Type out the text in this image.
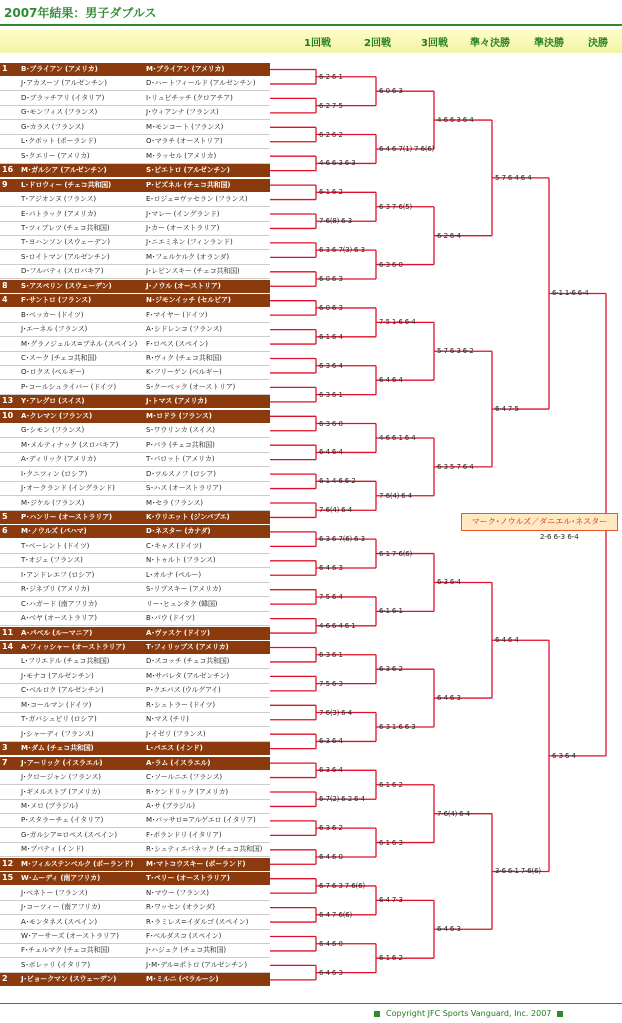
2007年結果：男子ダブルス
1回戦	2回戦	3回戦 準々決勝 準決勝 決勝
1	B･ブライアン (アメリカ)	M･ブライアン (アメリカ)
J･アカスーソ (アルゼンチン)	D･ハートフィールド (アルゼンチン)
D･ブラッチアリ (イタリア)	I･リュビチッチ (クロアチア)
G･モンフィス (フランス)	J･ウィアンナ (フランス)
G･カラス (フランス)	M･モンコート (フランス)
L･クボット (ポーランド)	O･マラチ (オーストリア)
S･クエリー (アメリカ)	M･ラッセル (アメリカ)
16 M･ガルシア (アルゼンチン)	S･ピエトロ (アルゼンチン)
9	L･ドロウィー (チェコ共和国)	P･ビズネル (チェコ共和国)
T･アジオンヌ (フランス)	E･ロジェ=ヴァセラン (フランス)
E･バトラック (アメリカ)	J･マレー (イングランド)
T･ツィブレツ (チェコ共和国)	J･カー (オーストラリア)
T･ヨハンソン (スウェーデン)	J･ニエミネン (フィンランド)
S･ロイトマン (アルゼンチン)	M･フェルケルク (オランダ)
D･フルバティ (スロバキア)	J･レビンスキー (チェコ共和国)
8	S･アスペリン (スウェーデン)	J･ノウル (オーストリア)
4	F･サントロ (フランス)	N･ジモンイッチ (セルビア)
B･ベッカー (ドイツ)	F･マイヤー (ドイツ)
J･エーネル (フランス)	A･シドレンコ (フランス)
M･グラノジェルス=ブネル (スペイン) F･ロペス (スペイン)
C･スーク (チェコ共和国)	R･ヴィク (チェコ共和国)
O･ロクス (ベルギー)	K･フリーゲン (ベルギー)
P･コールシュライバー (ドイツ)	S･クーベック (オーストリア)
13 Y･アレグロ (スイス)	J･トマス (アメリカ)
10 A･クレマン (フランス)	M･ロドラ (フランス)
G･シモン (フランス)	S･ワウリンカ (スイス)
M･メルティナック (スロバキア)	P･パラ (チェコ共和国)
A･ディリック (アメリカ)	T･パロット (アメリカ)
I･クニツィン (ロシア)	D･ツルスノフ (ロシア)
J･オークランド (イングランド)	S･ハス (オーストラリア)
M･ジケル (フランス)	M･セラ (フランス)
5	P･ハンリー (オーストラリア)	K･ウリエット (ジンバブエ)
6	M･ノウルズ (バハマ)	D･ネスター (カナダ)
T･ベーレント (ドイツ)	C･キャス (ドイツ)
T･オジェ (フランス)	N･トゥルト (フランス)
I･アンドレエフ (ロシア)	L･オルナ (ペルー)
R･ジネプリ (アメリカ)	S･リプスキー (アメリカ)
C･ハガード (南アフリカ)	リー･ヒュンタク (韓国)
A･ベヤ (オーストラリア)	B･バウ (ドイツ)
11 A･パベル (ルーマニア)	A･ヴァスケ (ドイツ)
14 A･フィッシャー (オーストラリア)	T･フィリップス (アメリカ)
L･フリエドル (チェコ共和国)	D･スコッチ (チェコ共和国)
J･モナコ (アルゼンチン)	M･サバレタ (アルゼンチン)
C･ベルロク (アルゼンチン)	P･クエバス (ウルグアイ)
M･コールマン (ドイツ)	R･シュトラー (ドイツ)
T･ガバシュビリ (ロシア)	N･マス (チリ)
J･シャーディ (フランス)	J･イゼリ (フランス)
3	M･ダム (チェコ共和国)	L･パエス (インド)
7	J･アーリック (イスラエル)	A･ラム (イスラエル)
J･クロージャン (フランス)	C･ソールニエ (フランス)
J･ギメルストブ (アメリカ)	R･ケンドリック (アメリカ)
M･メロ (ブラジル)	A･サ (ブラジル)
P･スタラーチェ (イタリア)	M･バッサロ=アルゲエロ (イタリア)
G･ガルシア=ロペス (スペイン)	F･ボランドリ (イタリア)
M･ブパティ (インド)	R･シュティエパネック (チェコ共和国)
12 M･フィルステンベルク (ポーランド) M･マトコウスキー (ポーランド)
15 W･ムーディ (南アフリカ)	T･ペリー (オーストラリア)
J･ベネトー (フランス)	N･マウー (フランス)
J･コーツィー (南アフリカ)	R･ワッセン (オランダ)
A･モンタネス (スペイン)	R･ラミレス=イダルゴ (スペイン)
W･アーサーズ (オーストラリア)	F･ベルダスコ (スペイン)
F･チェルマク (チェコ共和国)	J･ハジェク (チェコ共和国)
S･ボレッリ (イタリア)	J･M･デル=ポトロ (アルゼンチン)
2	J･ビョークマン (スウェーデン)	M･ミルニ (ベラルーシ)
6-2 6-1
6-2 7-5
6-2 6-2
4-6 6-3 6-3
6-1 6-2
7-6(8) 6-3
6-3 6-7(3) 6-3
6-0 6-3
6-0 6-3
6-1 6-4
6-3 6-4
6-3 6-1
6-3 6-0
6-4 6-4
6-1 4-6 6-2
7-6(4) 6-4
6-3 6-7(6) 6-3
6-4 6-3
7-5 6-4
4-6 6-4 6-1
6-3 6-1
7-5 6-3
7-6(3) 6-4
6-3 6-4
6-3 6-4
6-7(2) 6-2 6-4
6-3 6-2
6-4 6-0
6-7 6-3 7-6(6)
6-4 7-6(6)
6-4 6-0
6-4 6-3
6-0 6-3
6-4 6-7(1) 7-6(6)
6-3 7-6(5)
6-3 6-0
7-5 1-6 6-4
6-4 6-4
4-6 6-1 6-4
7-6(4) 6-4
6-1 7-6(6)
6-1 6-1
6-3 6-2
6-3 1-6 6-3
6-1 6-2
6-1 6-3
6-4 7-3
6-1 6-2
4-6 6-3 6-4
6-2 6-4
5-7 6-3 6-2
6-3 5-7 6-4
6-3 6-4
6-4 6-3
7-6(4) 6-4
6-4 6-3
5-7 6-4 6-4
6-4 7-5
6-4 6-4
3-6 6-1 7-6(6)
6-1 1-6 6-4
6-3 6-4
マーク･ノウルズ／ダニエル･ネスター
2-6 6-3 6-4
Copyright JFC Sports Vanguard, Inc. 2007
